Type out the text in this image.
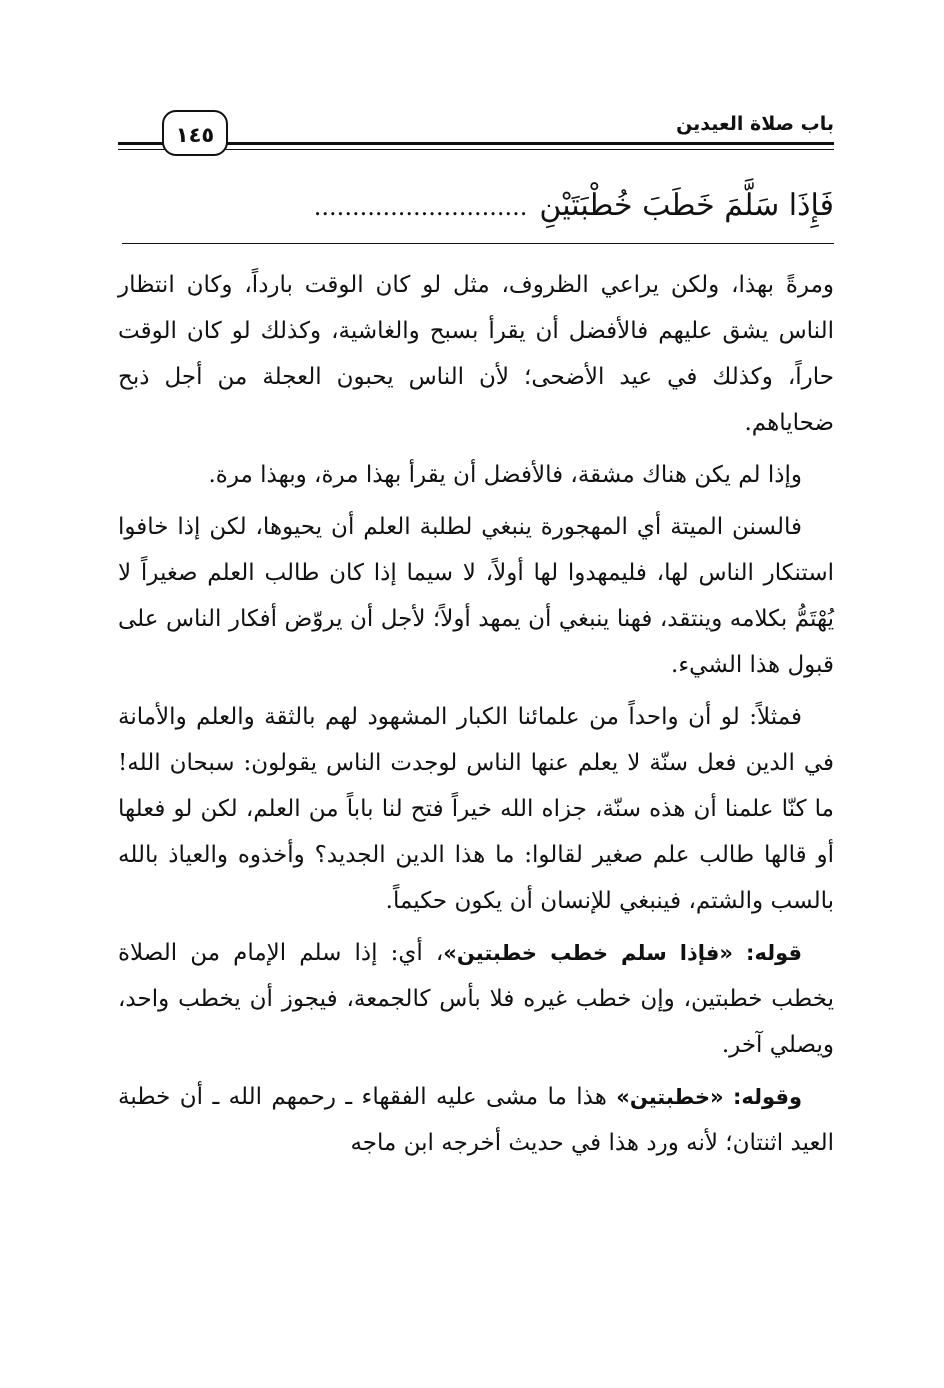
باب صلاة العيدين
١٤٥
فَإِذَا سَلَّمَ خَطَبَ خُطْبَتَيْنِ............................

ومرةً بهذا، ولكن يراعي الظروف، مثل لو كان الوقت بارداً، وكان انتظار الناس يشق عليهم فالأفضل أن يقرأ بسبح والغاشية، وكذلك لو كان الوقت حاراً، وكذلك في عيد الأضحى؛ لأن الناس يحبون العجلة من أجل ذبح ضحاياهم.

وإذا لم يكن هناك مشقة، فالأفضل أن يقرأ بهذا مرة، وبهذا مرة.

فالسنن الميتة أي المهجورة ينبغي لطلبة العلم أن يحيوها، لكن إذا خافوا استنكار الناس لها، فليمهدوا لها أولاً، لا سيما إذا كان طالب العلم صغيراً لا يُهْتَمُّ بكلامه وينتقد، فهنا ينبغي أن يمهد أولاً؛ لأجل أن يروّض أفكار الناس على قبول هذا الشيء.

فمثلاً: لو أن واحداً من علمائنا الكبار المشهود لهم بالثقة والعلم والأمانة في الدين فعل سنّة لا يعلم عنها الناس لوجدت الناس يقولون: سبحان الله! ما كنّا علمنا أن هذه سنّة، جزاه الله خيراً فتح لنا باباً من العلم، لكن لو فعلها أو قالها طالب علم صغير لقالوا: ما هذا الدين الجديد؟ وأخذوه والعياذ بالله بالسب والشتم، فينبغي للإنسان أن يكون حكيماً.

قوله: «فإذا سلم خطب خطبتين»، أي: إذا سلم الإمام من الصلاة يخطب خطبتين، وإن خطب غيره فلا بأس كالجمعة، فيجوز أن يخطب واحد، ويصلي آخر.

وقوله: «خطبتين» هذا ما مشى عليه الفقهاء ـ رحمهم الله ـ أن خطبة العيد اثنتان؛ لأنه ورد هذا في حديث أخرجه ابن ماجه
